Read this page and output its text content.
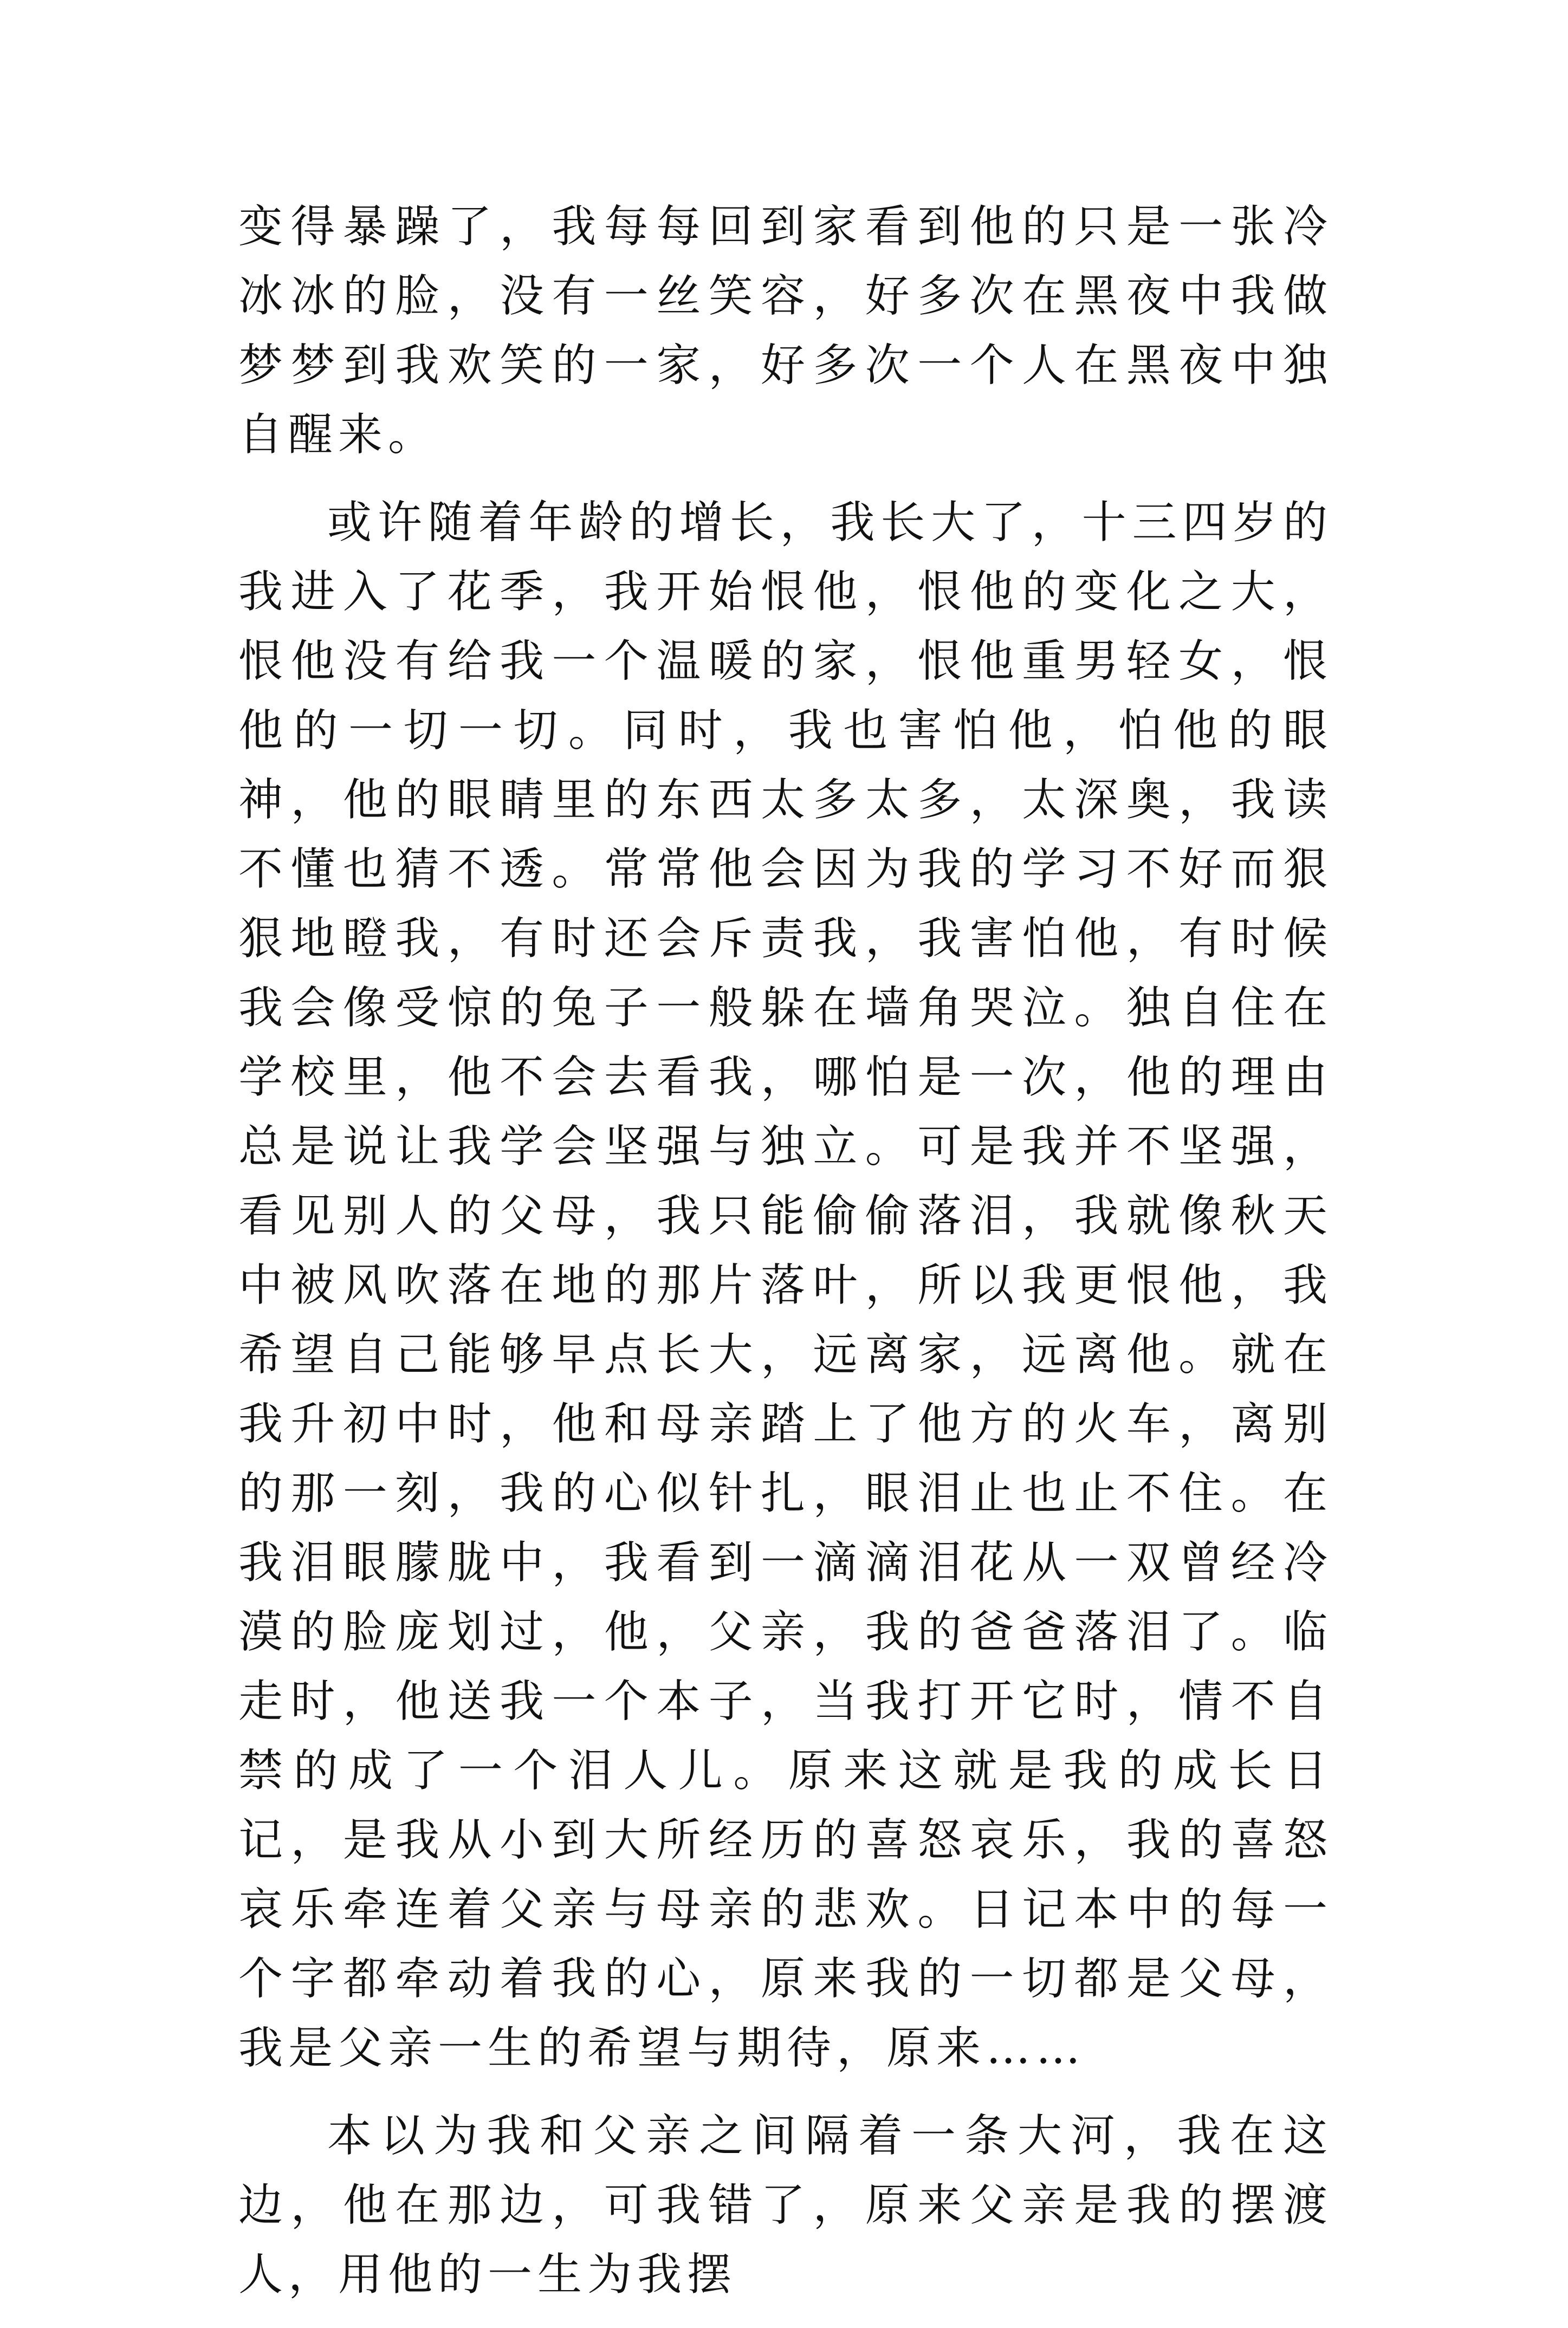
变得暴躁了，我每每回到家看到他的只是一张冷冰冰的脸，没有一丝笑容，好多次在黑夜中我做梦梦到我欢笑的一家，好多次一个人在黑夜中独自醒来。

或许随着年龄的增长，我长大了，十三四岁的我进入了花季，我开始恨他，恨他的变化之大，恨他没有给我一个温暖的家，恨他重男轻女，恨他的一切一切。同时，我也害怕他，怕他的眼神，他的眼睛里的东西太多太多，太深奥，我读不懂也猜不透。常常他会因为我的学习不好而狠狠地瞪我，有时还会斥责我，我害怕他，有时候我会像受惊的兔子一般躲在墙角哭泣。独自住在学校里，他不会去看我，哪怕是一次，他的理由总是说让我学会坚强与独立。可是我并不坚强，看见别人的父母，我只能偷偷落泪，我就像秋天中被风吹落在地的那片落叶，所以我更恨他，我希望自己能够早点长大，远离家，远离他。就在我升初中时，他和母亲踏上了他方的火车，离别的那一刻，我的心似针扎，眼泪止也止不住。在我泪眼朦胧中，我看到一滴滴泪花从一双曾经冷漠的脸庞划过，他，父亲，我的爸爸落泪了。临走时，他送我一个本子，当我打开它时，情不自禁的成了一个泪人儿。原来这就是我的成长日记，是我从小到大所经历的喜怒哀乐，我的喜怒哀乐牵连着父亲与母亲的悲欢。日记本中的每一个字都牵动着我的心，原来我的一切都是父母，我是父亲一生的希望与期待，原来……

本以为我和父亲之间隔着一条大河，我在这边，他在那边，可我错了，原来父亲是我的摆渡人，用他的一生为我摆
